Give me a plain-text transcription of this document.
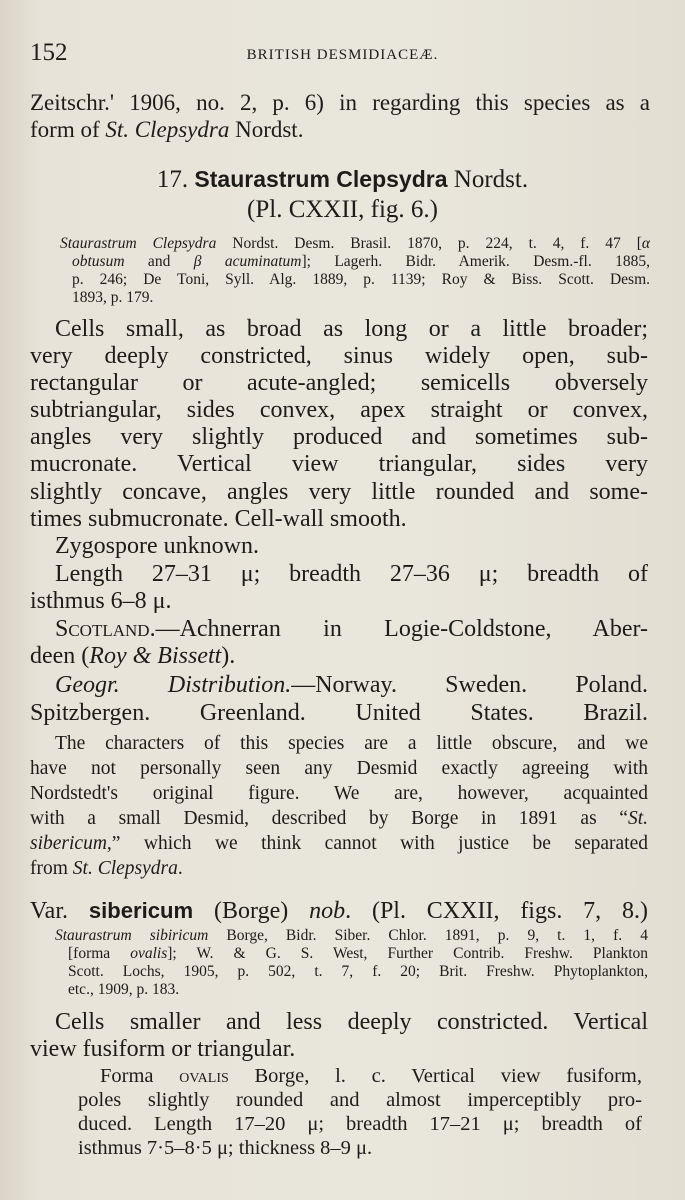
152	BRITISH DESMIDIACEÆ.
Zeitschr.' 1906, no. 2, p. 6) in regarding this species as a
form of St. Clepsydra Nordst.
17. Staurastrum Clepsydra Nordst.
(Pl. CXXII, fig. 6.)
Staurastrum Clepsydra Nordst. Desm. Brasil. 1870, p. 224, t. 4, f. 47 [α
obtusum and β acuminatum]; Lagerh. Bidr. Amerik. Desm.-fl. 1885,
p. 246; De Toni, Syll. Alg. 1889, p. 1139; Roy & Biss. Scott. Desm.
1893, p. 179.
Cells small, as broad as long or a little broader;
very deeply constricted, sinus widely open, sub-
rectangular or acute-angled; semicells obversely
subtriangular, sides convex, apex straight or convex,
angles very slightly produced and sometimes sub-
mucronate. Vertical view triangular, sides very
slightly concave, angles very little rounded and some-
times submucronate. Cell-wall smooth.
Zygospore unknown.
Length 27–31 μ; breadth 27–36 μ; breadth of
isthmus 6–8 μ.
Scotland.—Achnerran in Logie-Coldstone, Aber-
deen (Roy & Bissett).
Geogr. Distribution.—Norway. Sweden. Poland.
Spitzbergen. Greenland. United States. Brazil.
The characters of this species are a little obscure, and we
have not personally seen any Desmid exactly agreeing with
Nordstedt's original figure. We are, however, acquainted
with a small Desmid, described by Borge in 1891 as “St.
sibericum,” which we think cannot with justice be separated
from St. Clepsydra.
Var. sibericum (Borge) nob. (Pl. CXXII, figs. 7, 8.)
Staurastrum sibiricum Borge, Bidr. Siber. Chlor. 1891, p. 9, t. 1, f. 4
[forma ovalis]; W. & G. S. West, Further Contrib. Freshw. Plankton
Scott. Lochs, 1905, p. 502, t. 7, f. 20; Brit. Freshw. Phytoplankton,
etc., 1909, p. 183.
Cells smaller and less deeply constricted. Vertical
view fusiform or triangular.
Forma ovalis Borge, l. c. Vertical view fusiform,
poles slightly rounded and almost imperceptibly pro-
duced. Length 17–20 μ; breadth 17–21 μ; breadth of
isthmus 7·5–8·5 μ; thickness 8–9 μ.
